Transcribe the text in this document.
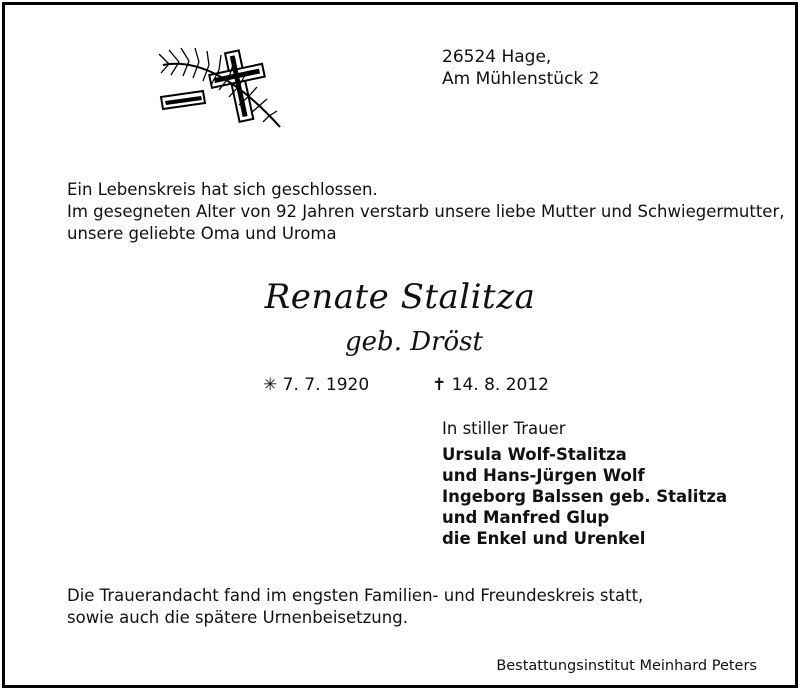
26524 Hage,
Am Mühlenstück 2
Ein Lebenskreis hat sich geschlossen.
Im gesegneten Alter von 92 Jahren verstarb unsere liebe Mutter und Schwiegermutter,
unsere geliebte Oma und Uroma
Renate Stalitza
geb. Dröst
✳ 7. 7. 1920	✝ 14. 8. 2012
In stiller Trauer
Ursula Wolf-Stalitza
und Hans-Jürgen Wolf
Ingeborg Balssen geb. Stalitza
und Manfred Glup
die Enkel und Urenkel
Die Trauerandacht fand im engsten Familien- und Freundeskreis statt,
sowie auch die spätere Urnenbeisetzung.
Bestattungsinstitut Meinhard Peters
